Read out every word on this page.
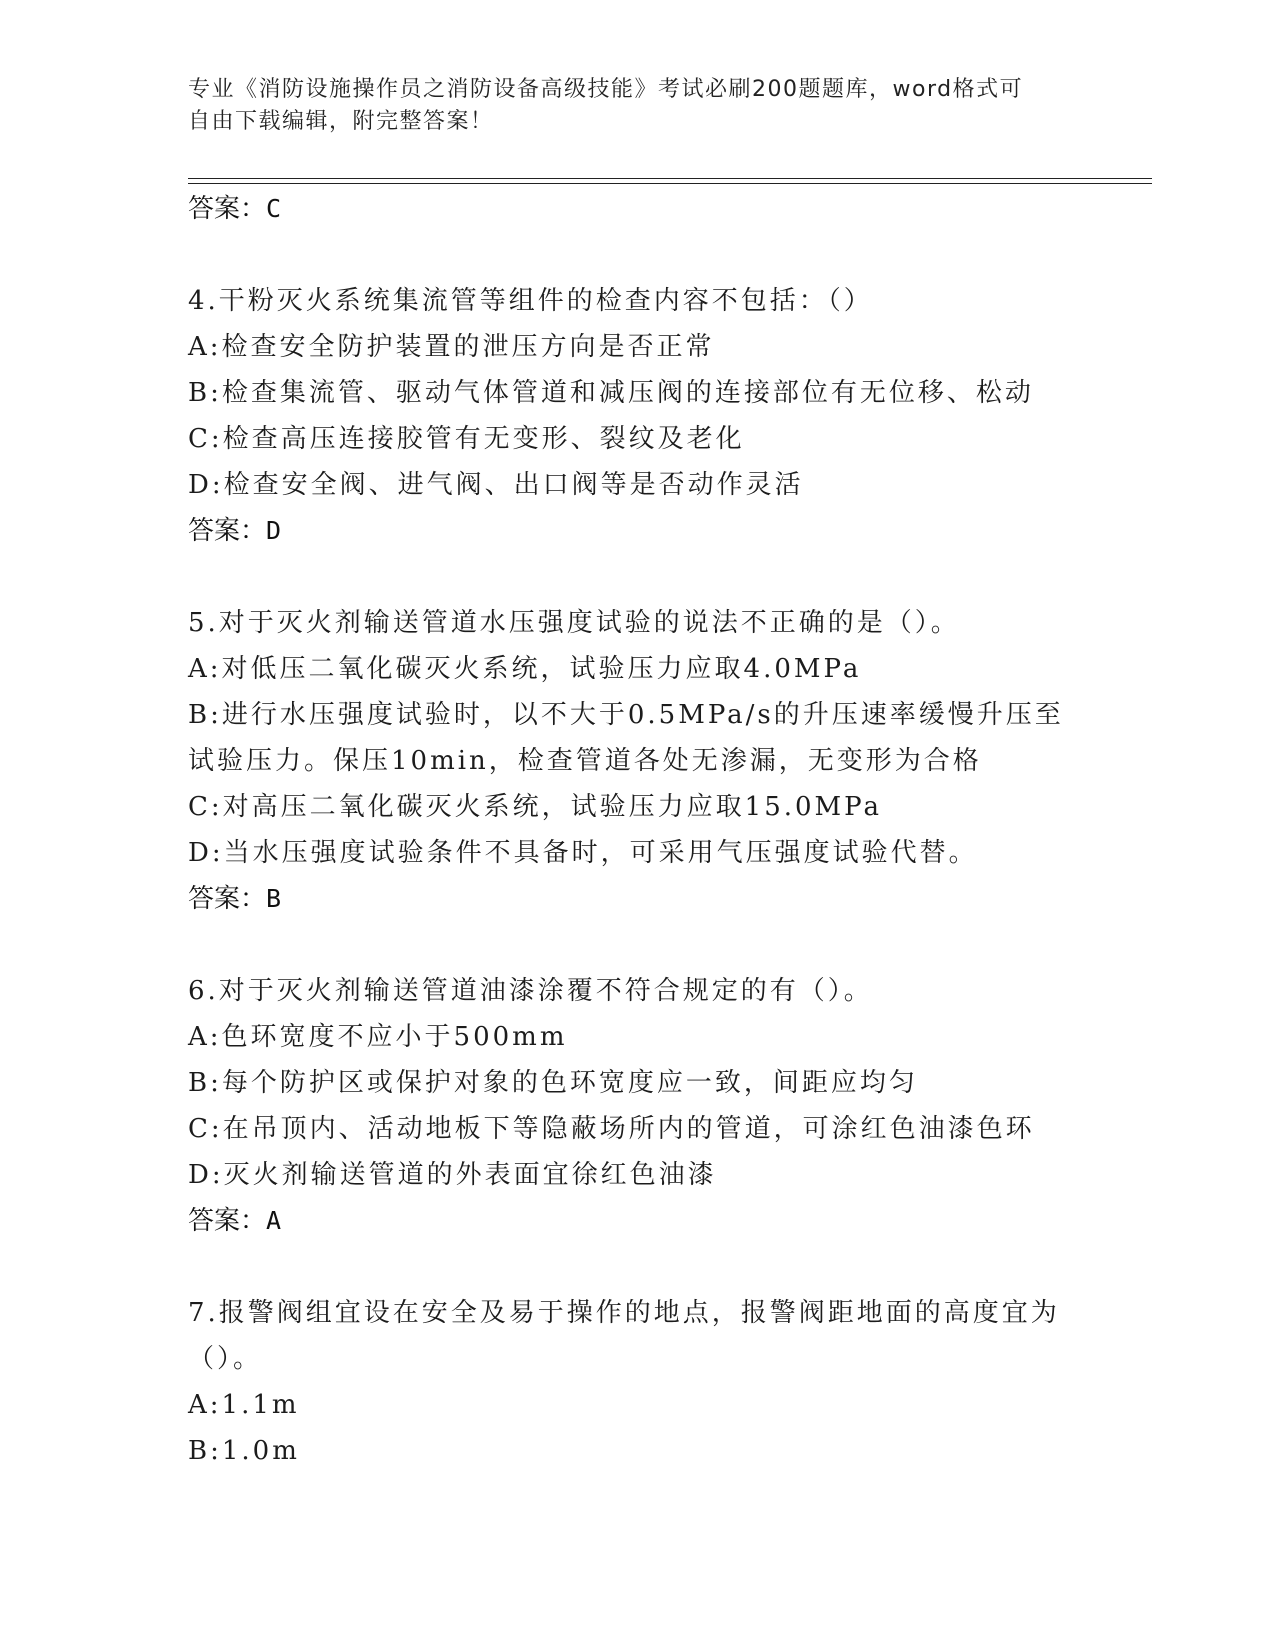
专业《消防设施操作员之消防设备高级技能》考试必刷200题题库，word格式可
自由下载编辑，附完整答案！
答案：C
4.干粉灭火系统集流管等组件的检查内容不包括：（）
A:检查安全防护装置的泄压方向是否正常
B:检查集流管、驱动气体管道和减压阀的连接部位有无位移、松动
C:检查高压连接胶管有无变形、裂纹及老化
D:检查安全阀、进气阀、出口阀等是否动作灵活
答案：D
5.对于灭火剂输送管道水压强度试验的说法不正确的是（）。
A:对低压二氧化碳灭火系统，试验压力应取4.0MPa
B:进行水压强度试验时，以不大于0.5MPa/s的升压速率缓慢升压至
试验压力。保压10min，检查管道各处无渗漏，无变形为合格
C:对高压二氧化碳灭火系统，试验压力应取15.0MPa
D:当水压强度试验条件不具备时，可采用气压强度试验代替。
答案：B
6.对于灭火剂输送管道油漆涂覆不符合规定的有（）。
A:色环宽度不应小于500mm
B:每个防护区或保护对象的色环宽度应一致，间距应均匀
C:在吊顶内、活动地板下等隐蔽场所内的管道，可涂红色油漆色环
D:灭火剂输送管道的外表面宜徐红色油漆
答案：A
7.报警阀组宜设在安全及易于操作的地点，报警阀距地面的高度宜为
（）。
A:1.1m
B:1.0m
